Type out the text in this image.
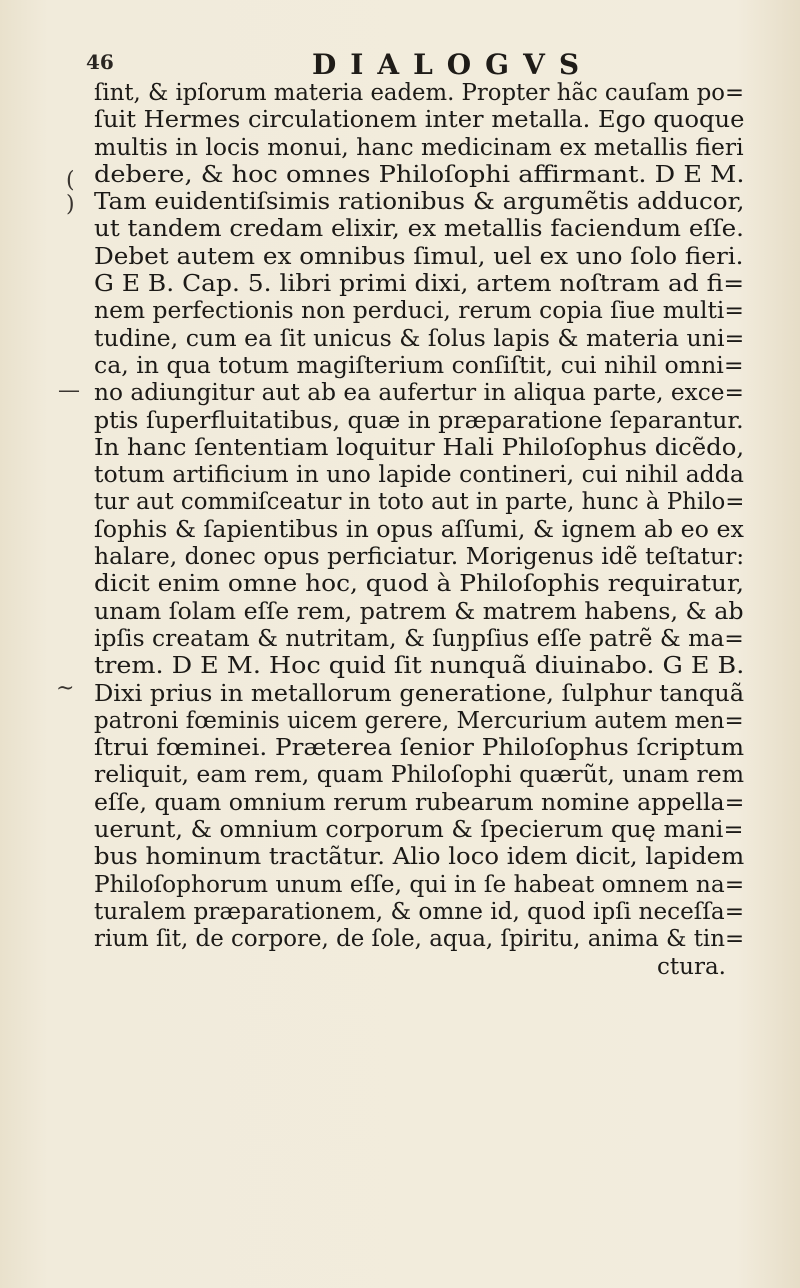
46	DIALOGVS
(
)
—
~
ſint, & ipſorum materia eadem. Propter hãc cauſam po=
ſuit Hermes circulationem inter metalla. Ego quoque
multis in locis monui, hanc medicinam ex metallis fieri
debere, & hoc omnes Philoſophi affirmant. D E M.
Tam euidentiſsimis rationibus & argumẽtis adducor,
ut tandem credam elixir, ex metallis faciendum eſſe.
Debet autem ex omnibus ſimul, uel ex uno ſolo fieri.
G E B. Cap. 5. libri primi dixi, artem noſtram ad fi=
nem perfectionis non perduci, rerum copia ſiue multi=
tudine, cum ea ſit unicus & ſolus lapis & materia uni=
ca, in qua totum magiſterium conſiſtit, cui nihil omni=
no adiungitur aut ab ea aufertur in aliqua parte, exce=
ptis ſuperfluitatibus, quæ in præparatione ſeparantur.
In hanc ſententiam loquitur Hali Philoſophus dicẽdo,
totum artificium in uno lapide contineri, cui nihil adda
tur aut commiſceatur in toto aut in parte, hunc à Philo=
ſophis & ſapientibus in opus aſſumi, & ignem ab eo ex
halare, donec opus perficiatur. Morigenus idẽ teſtatur:
dicit enim omne hoc, quod à Philoſophis requiratur,
unam ſolam eſſe rem, patrem & matrem habens, & ab
ipſis creatam & nutritam, & ſuŋpſius eſſe patrẽ & ma=
trem. D E M. Hoc quid ſit nunquã diuinabo. G E B.
Dixi prius in metallorum generatione, ſulphur tanquã
patroni fœminis uicem gerere, Mercurium autem men=
ſtrui fœminei. Præterea ſenior Philoſophus ſcriptum
reliquit, eam rem, quam Philoſophi quærũt, unam rem
eſſe, quam omnium rerum rubearum nomine appella=
uerunt, & omnium corporum & ſpecierum quę mani=
bus hominum tractãtur. Alio loco idem dicit, lapidem
Philoſophorum unum eſſe, qui in ſe habeat omnem na=
turalem præparationem, & omne id, quod ipſi neceſſa=
rium ſit, de corpore, de ſole, aqua, ſpiritu, anima & tin=
ctura.
